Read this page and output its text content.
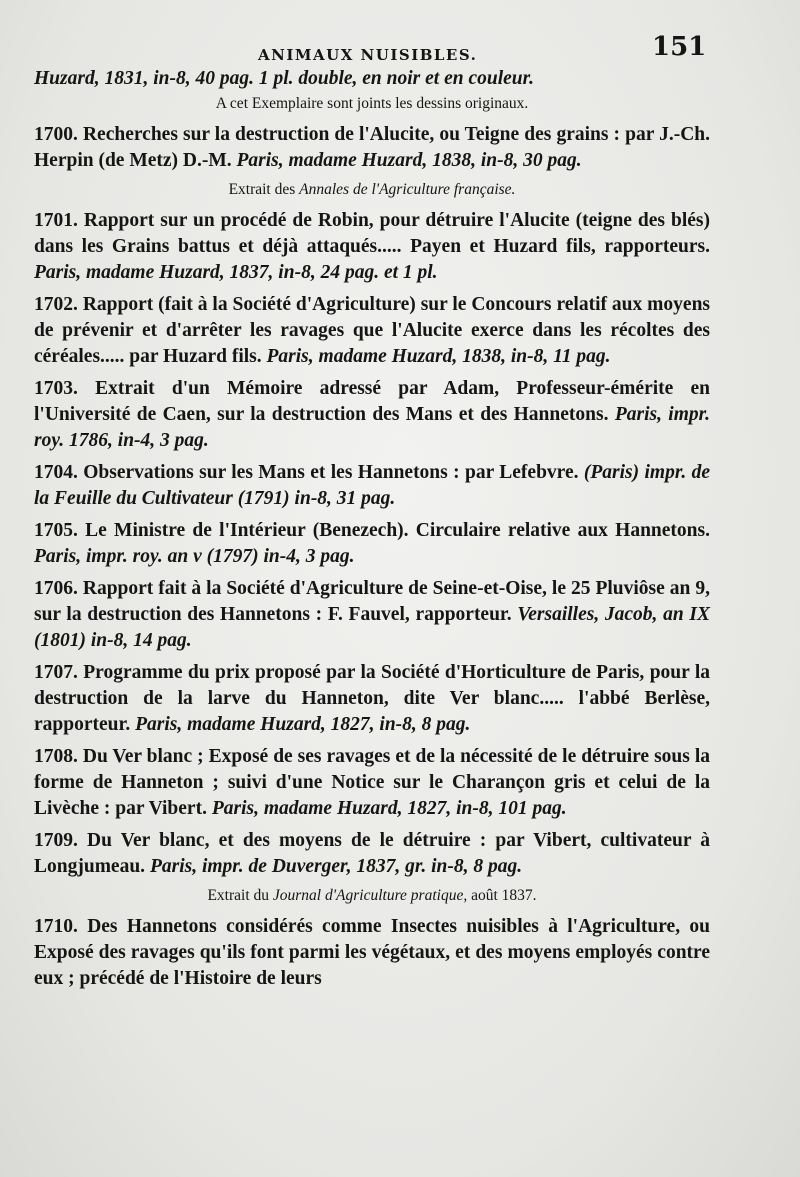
ANIMAUX NUISIBLES.	151

Huzard, 1831, in-8, 40 pag. 1 pl. double, en noir et en couleur.

A cet Exemplaire sont joints les dessins originaux.

1700. Recherches sur la destruction de l'Alucite, ou Teigne des grains : par J.-Ch. Herpin (de Metz) D.-M. Paris, madame Huzard, 1838, in-8, 30 pag.

Extrait des Annales de l'Agriculture française.

1701. Rapport sur un procédé de Robin, pour détruire l'Alucite (teigne des blés) dans les Grains battus et déjà attaqués..... Payen et Huzard fils, rapporteurs. Paris, madame Huzard, 1837, in-8, 24 pag. et 1 pl.

1702. Rapport (fait à la Société d'Agriculture) sur le Concours relatif aux moyens de prévenir et d'arrêter les ravages que l'Alucite exerce dans les récoltes des céréales..... par Huzard fils. Paris, madame Huzard, 1838, in-8, 11 pag.

1703. Extrait d'un Mémoire adressé par Adam, Professeur-émérite en l'Université de Caen, sur la destruction des Mans et des Hannetons. Paris, impr. roy. 1786, in-4, 3 pag.

1704. Observations sur les Mans et les Hannetons : par Lefebvre. (Paris) impr. de la Feuille du Cultivateur (1791) in-8, 31 pag.

1705. Le Ministre de l'Intérieur (Benezech). Circulaire relative aux Hannetons. Paris, impr. roy. an v (1797) in-4, 3 pag.

1706. Rapport fait à la Société d'Agriculture de Seine-et-Oise, le 25 Pluviôse an 9, sur la destruction des Hannetons : F. Fauvel, rapporteur. Versailles, Jacob, an IX (1801) in-8, 14 pag.

1707. Programme du prix proposé par la Société d'Horticulture de Paris, pour la destruction de la larve du Hanneton, dite Ver blanc..... l'abbé Berlèse, rapporteur. Paris, madame Huzard, 1827, in-8, 8 pag.

1708. Du Ver blanc ; Exposé de ses ravages et de la nécessité de le détruire sous la forme de Hanneton ; suivi d'une Notice sur le Charançon gris et celui de la Livèche : par Vibert. Paris, madame Huzard, 1827, in-8, 101 pag.

1709. Du Ver blanc, et des moyens de le détruire : par Vibert, cultivateur à Longjumeau. Paris, impr. de Duverger, 1837, gr. in-8, 8 pag.

Extrait du Journal d'Agriculture pratique, août 1837.

1710. Des Hannetons considérés comme Insectes nuisibles à l'Agriculture, ou Exposé des ravages qu'ils font parmi les végétaux, et des moyens employés contre eux ; précédé de l'Histoire de leurs
